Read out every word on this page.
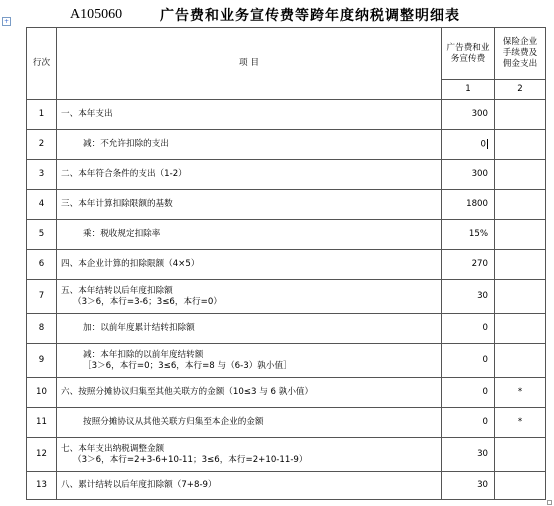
A105060	广告费和业务宣传费等跨年度纳税调整明细表
+
行次	项 目	广告费和业务宣传费	保险企业手续费及佣金支出
		1	2
1	一、本年支出	300	
2	减：不允许扣除的支出	0	
3	二、本年符合条件的支出（1-2）	300	
4	三、本年计算扣除限额的基数	1800	
5	乘：税收规定扣除率	15%	
6	四、本企业计算的扣除限额（4×5）	270	
7	五、本年结转以后年度扣除额
（3＞6，本行=3-6；3≤6，本行=0）	30	
8	加：以前年度累计结转扣除额	0	
9	减：本年扣除的以前年度结转额
［3＞6，本行=0；3≤6，本行=8 与（6-3）孰小值］	0	
10	六、按照分摊协议归集至其他关联方的金额（10≤3 与 6 孰小值）	0	*
11	按照分摊协议从其他关联方归集至本企业的金额	0	*
12	七、本年支出纳税调整金额
（3＞6，本行=2+3-6+10-11；3≤6，本行=2+10-11-9）	30	
13	八、累计结转以后年度扣除额（7+8-9）	30	
